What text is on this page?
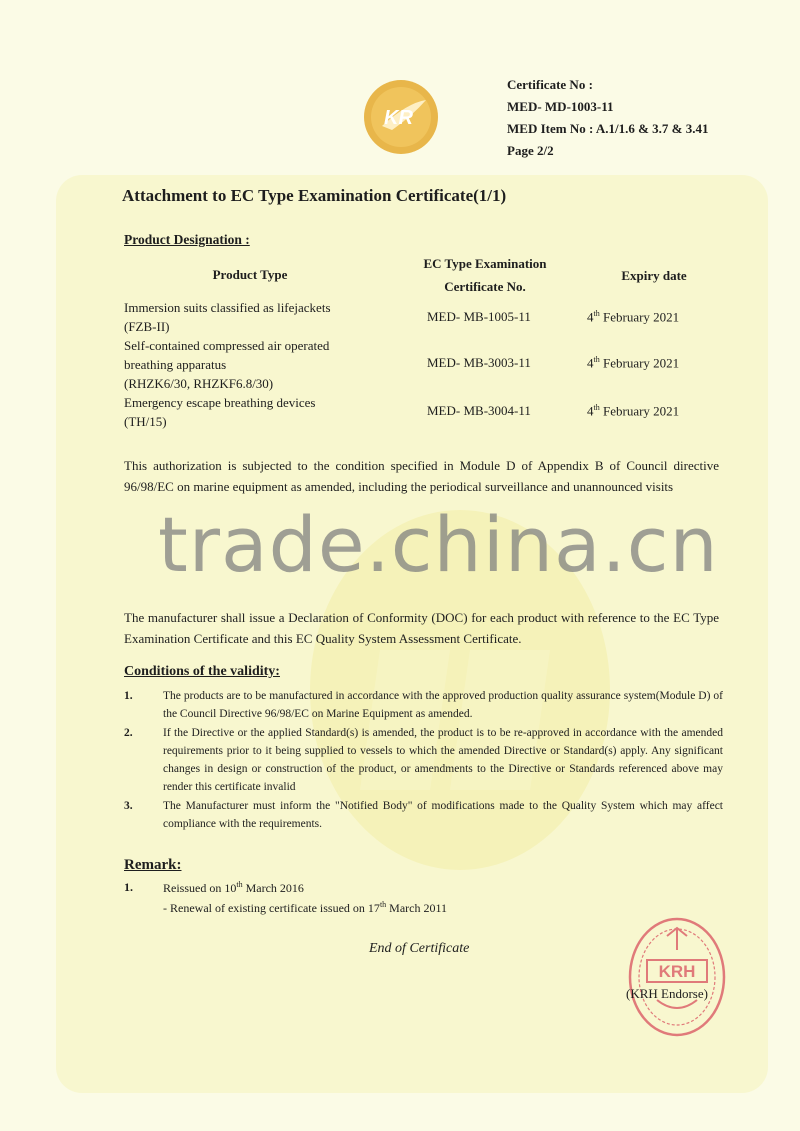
KR
Certificate No :
MED- MD-1003-11
MED Item No : A.1/1.6 & 3.7 & 3.41
Page 2/2
Attachment to EC Type Examination Certificate(1/1)
Product Designation :
Product Type
EC Type Examination
Certificate No.
Expiry date
Immersion suits classified as lifejackets
(FZB-II)
MED- MB-1005-11	4th February 2021
Self-contained compressed air operated
breathing apparatus
(RHZK6/30, RHZKF6.8/30)
MED- MB-3003-11	4th February 2021
Emergency escape breathing devices
(TH/15)
MED- MB-3004-11	4th February 2021
This authorization is subjected to the condition specified in Module D of Appendix B of Council directive 96/98/EC on marine equipment as amended, including the periodical surveillance and unannounced visits
trade.china.cn
The manufacturer shall issue a Declaration of Conformity (DOC) for each product with reference to the EC Type Examination Certificate and this EC Quality System Assessment Certificate.
Conditions of the validity:
1.	The products are to be manufactured in accordance with the approved production quality assurance system(Module D) of the Council Directive 96/98/EC on Marine Equipment as amended.
2.	If the Directive or the applied Standard(s) is amended, the product is to be re-approved in accordance with the amended requirements prior to it being supplied to vessels to which the amended Directive or Standard(s) apply. Any significant changes in design or construction of the product, or amendments to the Directive or Standards referenced above may render this certificate invalid
3.	The Manufacturer must inform the "Notified Body" of modifications made to the Quality System which may affect compliance with the requirements.
Remark:
1.	Reissued on 10th March 2016
- Renewal of existing certificate issued on 17th March 2011
End of Certificate
KRH
(KRH Endorse)
